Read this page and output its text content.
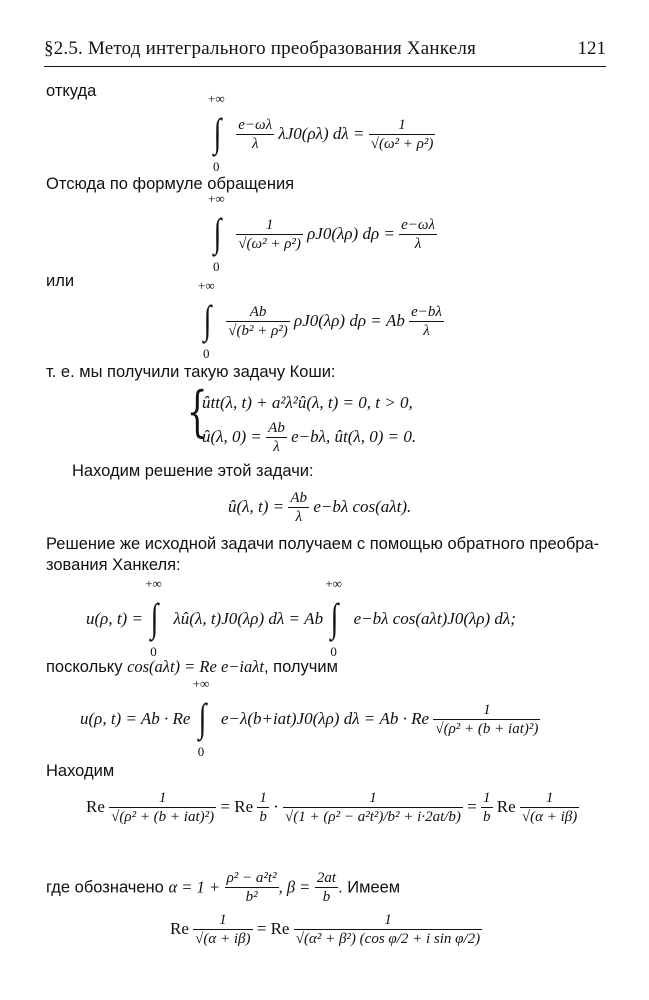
§2.5. Метод интегрального преобразования Ханкеля	121
откуда
∫
+∞
0

$\frac{e-\omega\lambda}{\lambda} \lambda J0(\rho\lambda) d\lambda = \frac{1}{\text{√(ω² + ρ²)}}$
Отсюда по формуле обращения
∫
+∞
0

$\frac{1}{\text{√(ω² + ρ²)}} \rho J0(\lambda\rho) d\rho = \frac{e-\omega\lambda}{\lambda}$
или
∫
+∞
0

$\frac{Ab}{\text{√(b² + ρ²)}} \rho J0(\lambda\rho) d\rho = Ab \frac{e-b\lambda}{\lambda}$
т. е. мы получили такую задачу Коши:
{
ûtt(λ, t) + a²λ²û(λ, t) = 0, t > 0,
û(λ, $0) = \frac{Ab}{\lambda} e-b\lambda$, ût(λ, 0) = 0.
Находим решение этой задачи:
û(λ, $t) = \frac{Ab}{\lambda} e-b\lambda$ cos(aλt).
Решение же исходной задачи получаем с помощью обратного преобра-
зования Ханкеля:
u(ρ, t) = ∫
+∞
0
λû(λ, t)J0(λρ) dλ = Ab ∫
+∞
0
e−bλ cos(aλt)J0(λρ) dλ;
поскольку cos(aλt) = Re e−iaλt, получим
u(ρ, t) = Ab · Re ∫
+∞
0
e−λ(b+iat)J0(λρ) dλ = Ab · Re $\frac{1}{\text{√(ρ² + (b + iat)²)}}$
Находим
Re $\frac{1}{\text{√(ρ² + (b + iat)²)}} = Re \frac{1}{b} \cdot \frac{1}{\text{√(1 + (ρ² − a²t²)/b² + i·2at/b)}} = \frac{1}{b}$ Re $\frac{1}{√(\alpha + i\beta)}$
где обозначено $\alpha = 1 + \frac{\text{ρ² − a²t²}}{\text{b²}}$ , $\beta = \frac{2at}{b}$ . Имеем
Re $\frac{1}{√(\alpha + i\beta)} = Re \frac{1}{\text{√(α² + β²) (cos φ/2 + i sin φ/2)}}$
